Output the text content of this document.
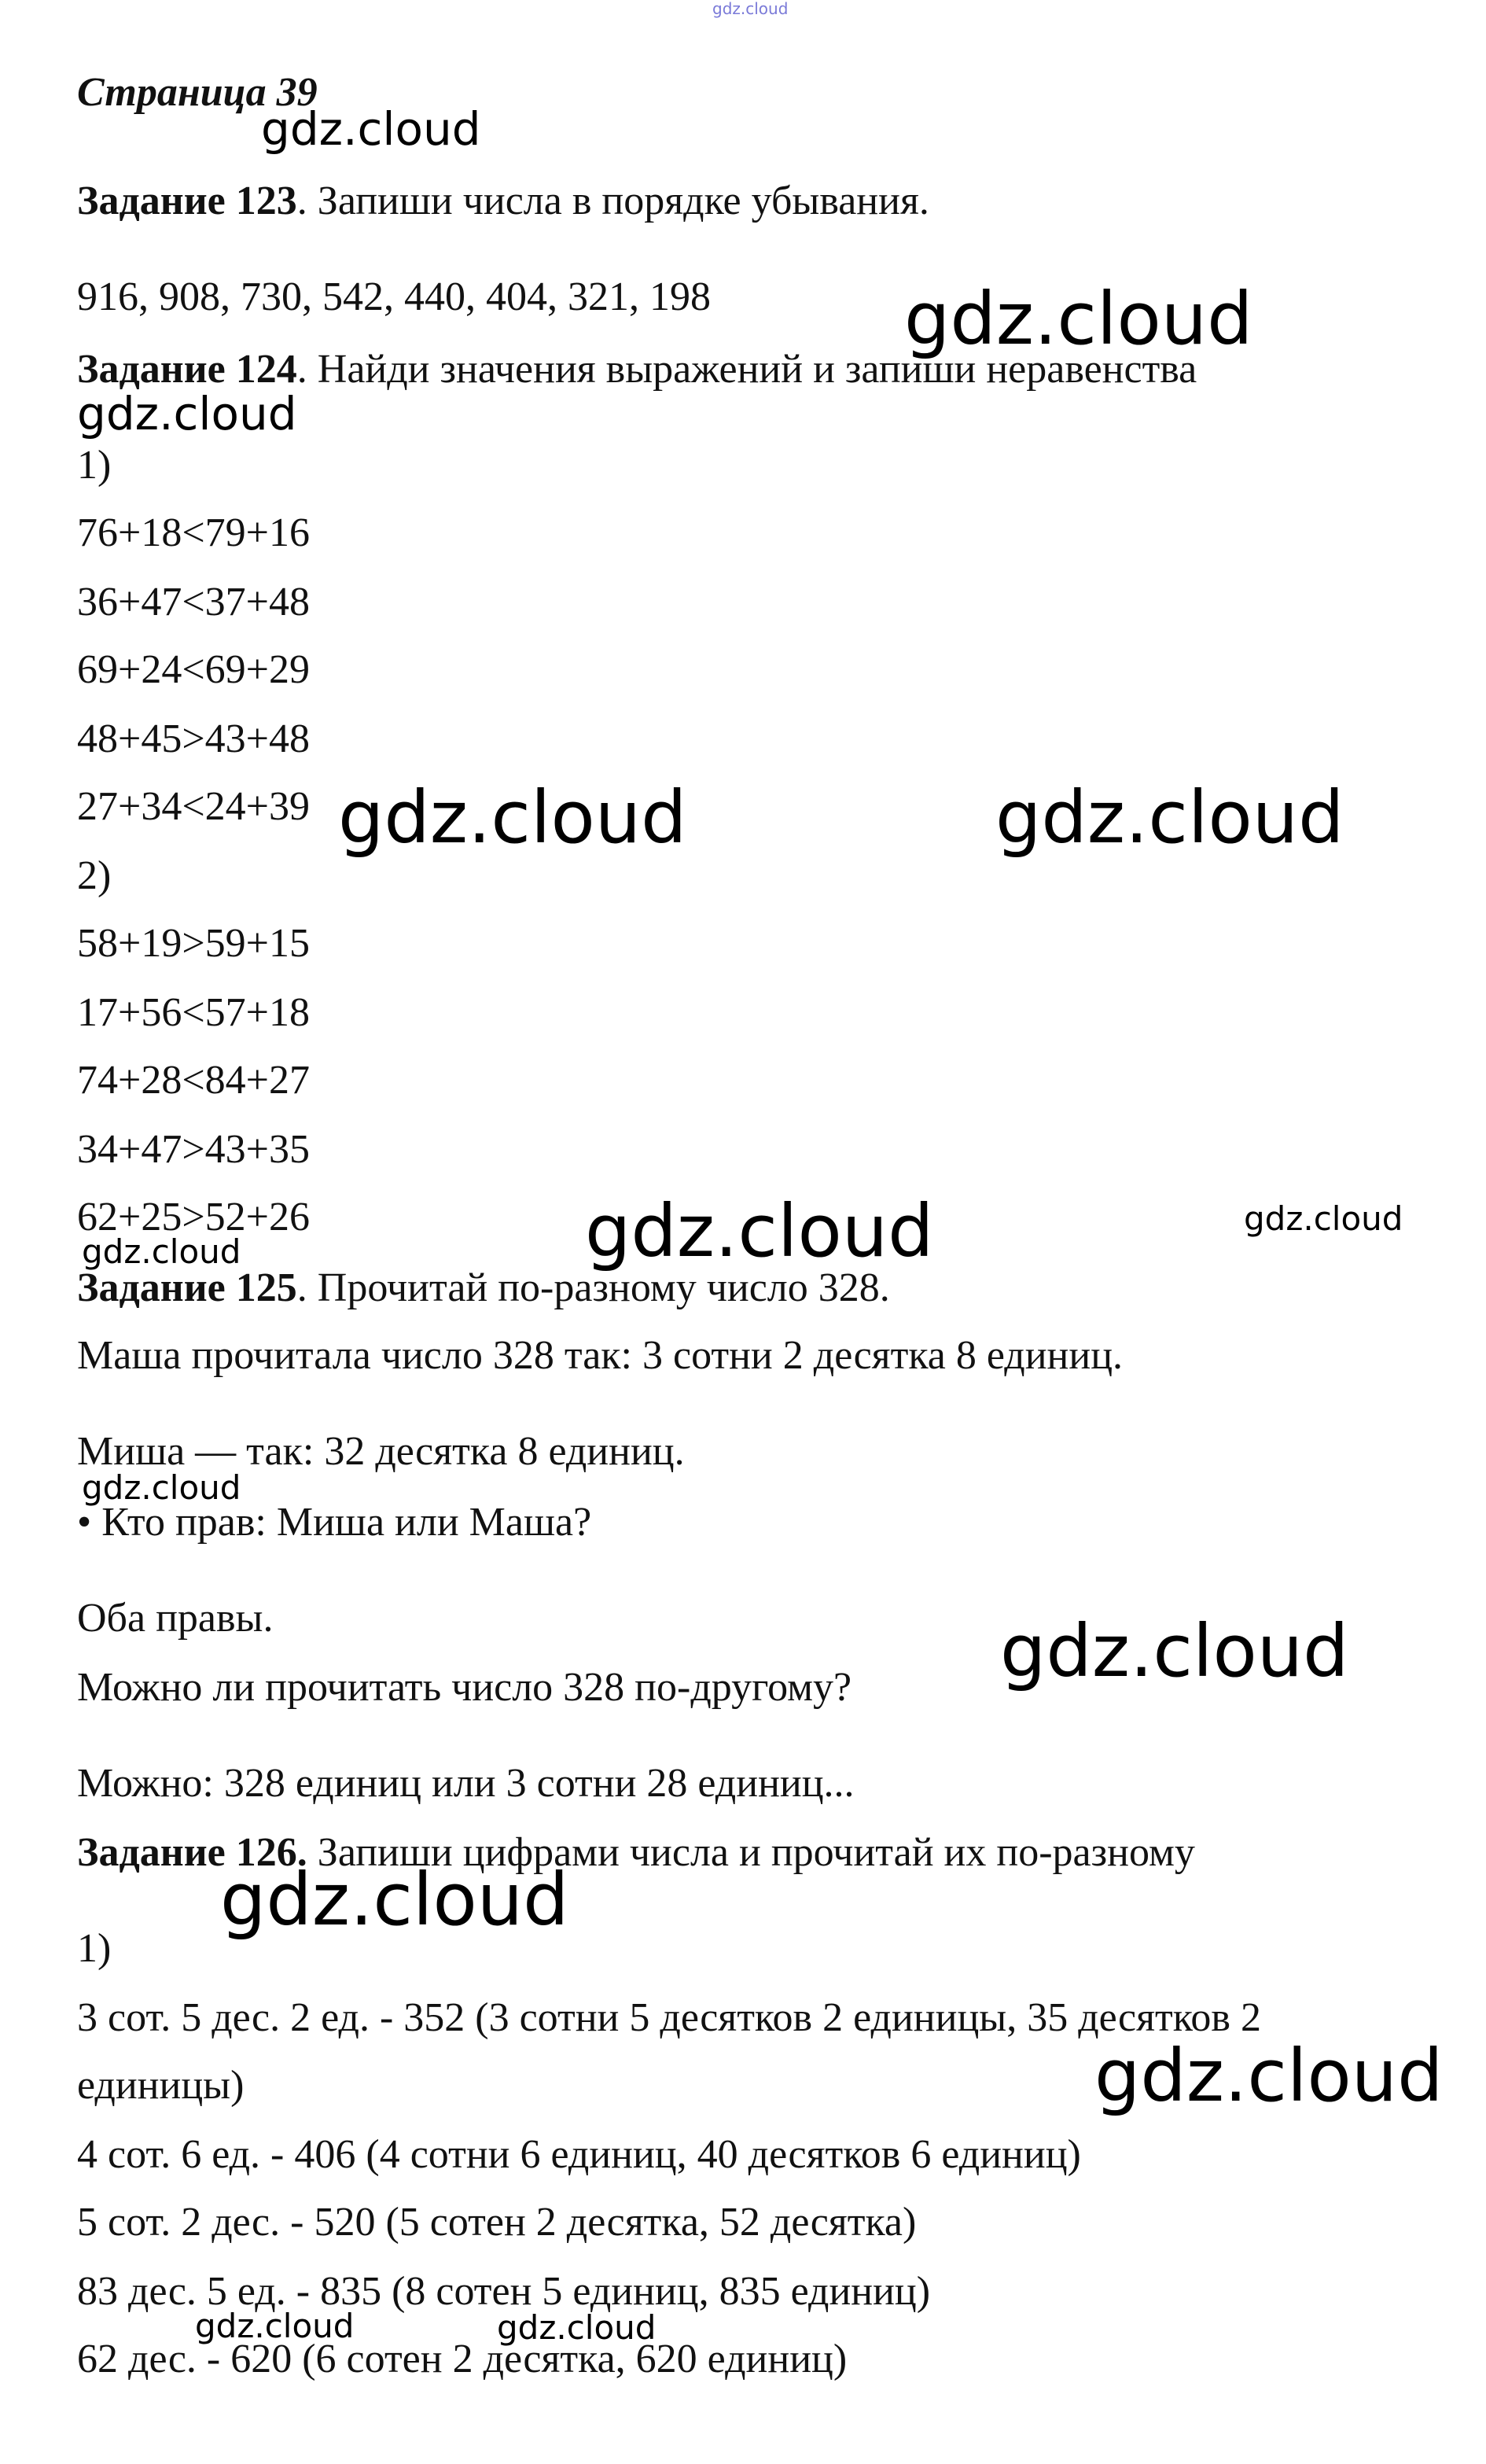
Страница 39
Задание 123. Запиши числа в порядке убывания.
916, 908, 730, 542, 440, 404, 321, 198
Задание 124. Найди значения выражений и запиши неравенства
1)
76+18<79+16
36+47<37+48
69+24<69+29
48+45>43+48
27+34<24+39
2)
58+19>59+15
17+56<57+18
74+28<84+27
34+47>43+35
62+25>52+26
Задание 125. Прочитай по-разному число 328.
Маша прочитала число 328 так: 3 сотни 2 десятка 8 единиц.
Миша — так: 32 десятка 8 единиц.
• Кто прав: Миша или Маша?
Оба правы.
Можно ли прочитать число 328 по-другому?
Можно: 328 единиц или 3 сотни 28 единиц...
Задание 126. Запиши цифрами числа и прочитай их по-разному
1)
3 сот. 5 дес. 2 ед. - 352 (3 сотни 5 десятков 2 единицы, 35 десятков 2
единицы)
4 сот. 6 ед. - 406 (4 сотни 6 единиц, 40 десятков 6 единиц)
5 сот. 2 дес. - 520 (5 сотен 2 десятка, 52 десятка)
83 дес. 5 ед. - 835 (8 сотен 5 единиц, 835 единиц)
62 дес. - 620 (6 сотен 2 десятка, 620 единиц)
gdz.cloud
gdz.cloud
gdz.cloud
gdz.cloud
gdz.cloud	gdz.cloud
gdz.cloud	gdz.cloud
gdz.cloud
gdz.cloud
gdz.cloud
gdz.cloud
gdz.cloud
gdz.cloud	gdz.cloud
